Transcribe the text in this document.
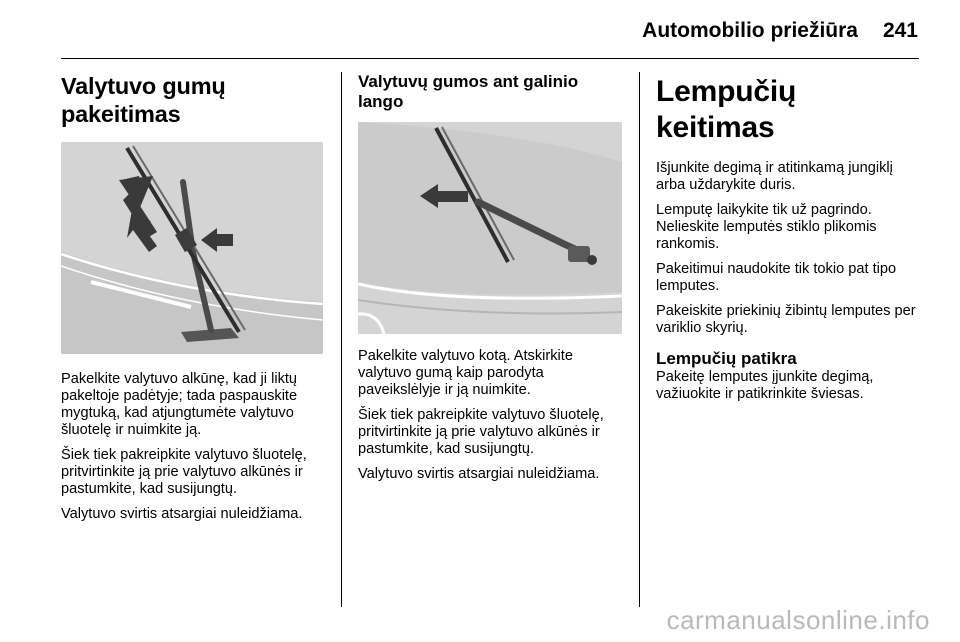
Automobilio priežiūra 241
Valytuvo gumų pakeitimas

Pakelkite valytuvo alkūnę, kad ji liktų pakeltoje padėtyje; tada paspauskite mygtuką, kad atjungtumėte valytuvo šluotelę ir nuimkite ją.

Šiek tiek pakreipkite valytuvo šluotelę, pritvirtinkite ją prie valytuvo alkūnės ir pastumkite, kad susijungtų.

Valytuvo svirtis atsargiai nuleidžiama.

Valytuvų gumos ant galinio lango

Pakelkite valytuvo kotą. Atskirkite valytuvo gumą kaip parodyta paveikslėlyje ir ją nuimkite.

Šiek tiek pakreipkite valytuvo šluotelę, pritvirtinkite ją prie valytuvo alkūnės ir pastumkite, kad susijungtų.

Valytuvo svirtis atsargiai nuleidžiama.

Lempučių keitimas

Išjunkite degimą ir atitinkamą jungiklį arba uždarykite duris.

Lemputę laikykite tik už pagrindo. Nelieskite lemputės stiklo plikomis rankomis.

Pakeitimui naudokite tik tokio pat tipo lemputes.

Pakeiskite priekinių žibintų lemputes per variklio skyrių.

Lempučių patikra

Pakeitę lemputes įjunkite degimą, važiuokite ir patikrinkite šviesas.

carmanualsonline.info
